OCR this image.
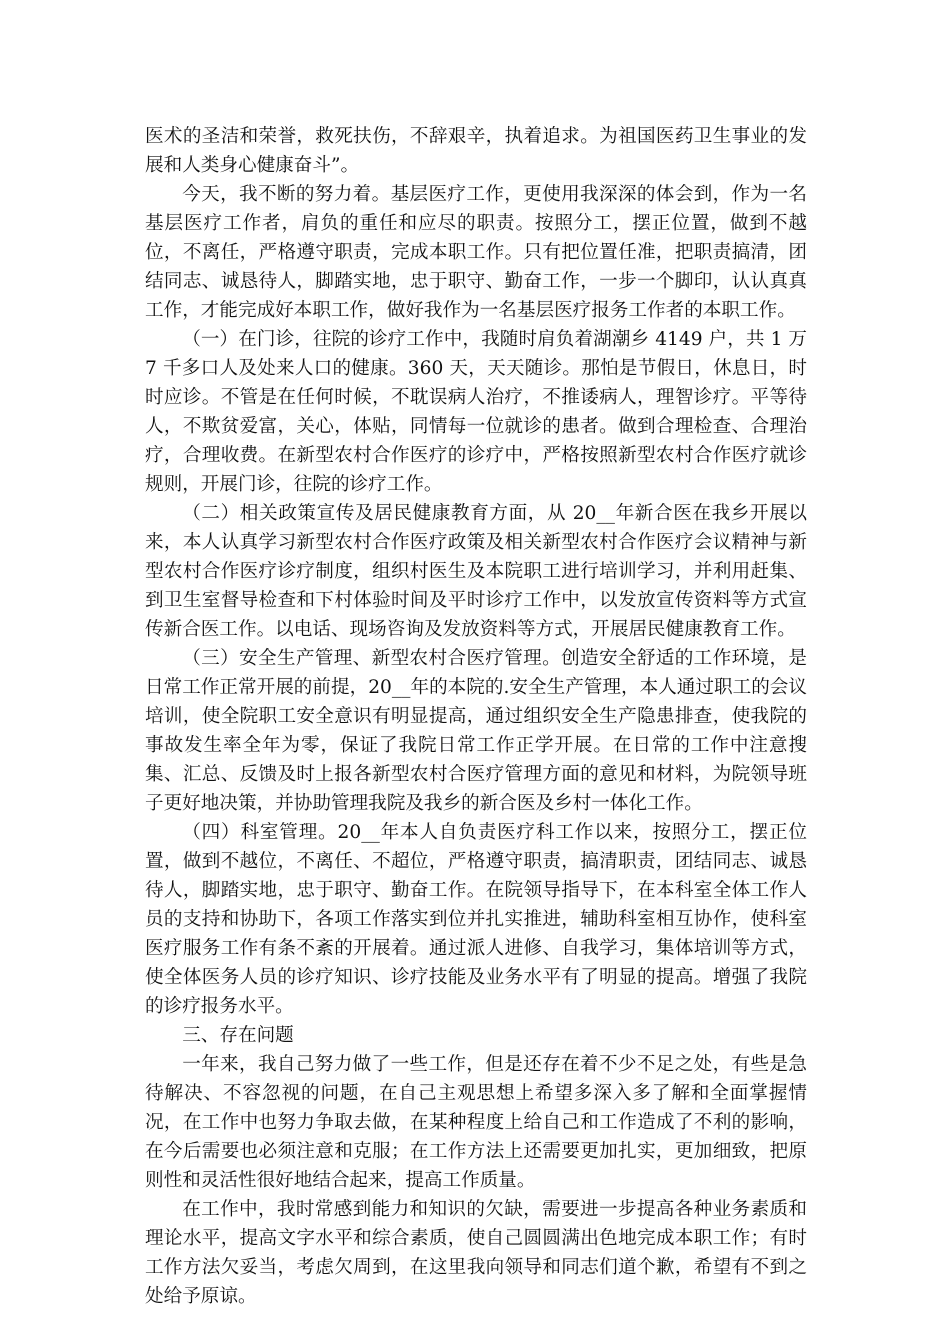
医术的圣洁和荣誉，救死扶伤，不辞艰辛，执着追求。为祖国医药卫生事业的发展和人类身心健康奋斗”。

今天，我不断的努力着。基层医疗工作，更使用我深深的体会到，作为一名基层医疗工作者，肩负的重任和应尽的职责。按照分工，摆正位置，做到不越位，不离任，严格遵守职责，完成本职工作。只有把位置任准，把职责搞清，团结同志、诚恳待人，脚踏实地，忠于职守、勤奋工作，一步一个脚印，认认真真工作，才能完成好本职工作，做好我作为一名基层医疗报务工作者的本职工作。

（一）在门诊，往院的诊疗工作中，我随时肩负着湖潮乡 4149 户，共 1 万 7 千多口人及处来人口的健康。360 天，天天随诊。那怕是节假日，休息日，时时应诊。不管是在任何时候，不耽误病人治疗，不推诿病人，理智诊疗。平等待人，不欺贫爱富，关心，体贴，同情每一位就诊的患者。做到合理检查、合理治疗，合理收费。在新型农村合作医疗的诊疗中，严格按照新型农村合作医疗就诊规则，开展门诊，往院的诊疗工作。

（二）相关政策宣传及居民健康教育方面，从 20__年新合医在我乡开展以来，本人认真学习新型农村合作医疗政策及相关新型农村合作医疗会议精神与新型农村合作医疗诊疗制度，组织村医生及本院职工进行培训学习，并利用赶集、到卫生室督导检查和下村体验时间及平时诊疗工作中，以发放宣传资料等方式宣传新合医工作。以电话、现场咨询及发放资料等方式，开展居民健康教育工作。

（三）安全生产管理、新型农村合医疗管理。创造安全舒适的工作环境，是日常工作正常开展的前提，20__年的本院的.安全生产管理，本人通过职工的会议培训，使全院职工安全意识有明显提高，通过组织安全生产隐患排查，使我院的事故发生率全年为零，保证了我院日常工作正学开展。在日常的工作中注意搜集、汇总、反馈及时上报各新型农村合医疗管理方面的意见和材料，为院领导班子更好地决策，并协助管理我院及我乡的新合医及乡村一体化工作。

（四）科室管理。20__年本人自负责医疗科工作以来，按照分工，摆正位置，做到不越位，不离任、不超位，严格遵守职责，搞清职责，团结同志、诚恳待人，脚踏实地，忠于职守、勤奋工作。在院领导指导下，在本科室全体工作人员的支持和协助下，各项工作落实到位并扎实推进，辅助科室相互协作，使科室医疗服务工作有条不紊的开展着。通过派人进修、自我学习，集体培训等方式，使全体医务人员的诊疗知识、诊疗技能及业务水平有了明显的提高。增强了我院的诊疗报务水平。

三、存在问题

一年来，我自己努力做了一些工作，但是还存在着不少不足之处，有些是急待解决、不容忽视的问题，在自己主观思想上希望多深入多了解和全面掌握情况，在工作中也努力争取去做，在某种程度上给自己和工作造成了不利的影响，在今后需要也必须注意和克服；在工作方法上还需要更加扎实，更加细致，把原则性和灵活性很好地结合起来，提高工作质量。

在工作中，我时常感到能力和知识的欠缺，需要进一步提高各种业务素质和理论水平，提高文字水平和综合素质，使自己圆圆满出色地完成本职工作；有时工作方法欠妥当，考虑欠周到，在这里我向领导和同志们道个歉，希望有不到之处给予原谅。
